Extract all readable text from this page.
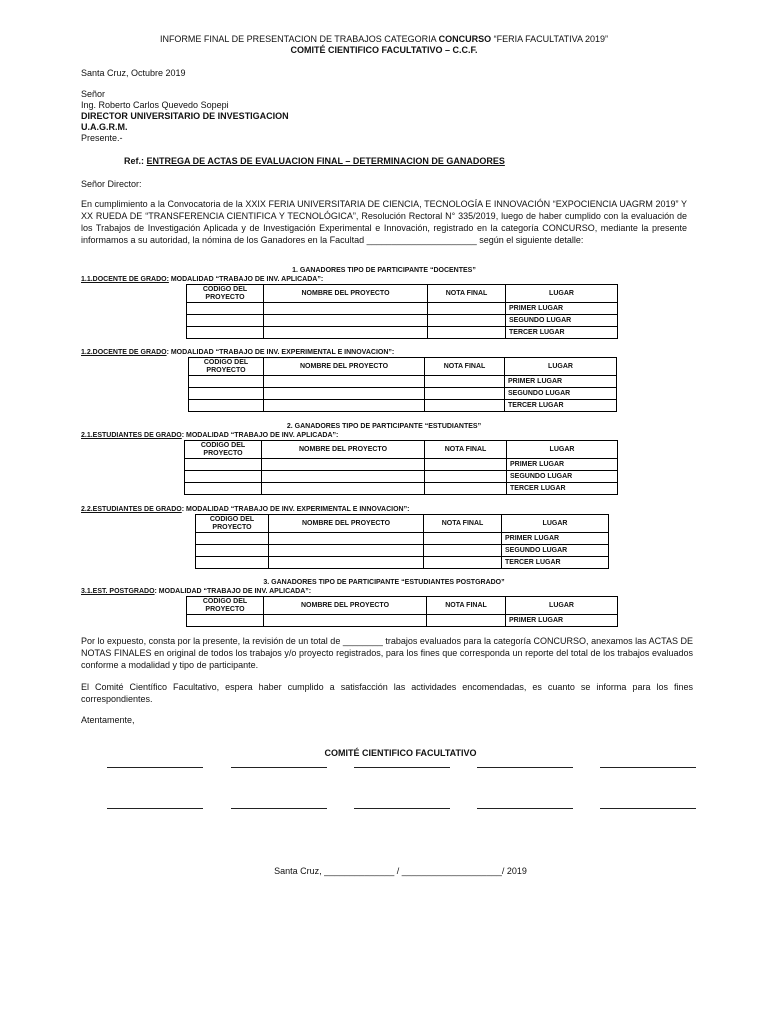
INFORME FINAL DE PRESENTACION DE TRABAJOS CATEGORIA CONCURSO “FERIA FACULTATIVA 2019”
COMITÉ CIENTIFICO FACULTATIVO – C.C.F.
Santa Cruz, Octubre 2019
Señor
Ing. Roberto Carlos Quevedo Sopepi
DIRECTOR UNIVERSITARIO DE INVESTIGACION
U.A.G.R.M.
Presente.-
Ref.: ENTREGA DE ACTAS DE EVALUACION FINAL – DETERMINACION DE GANADORES
Señor Director:
En cumplimiento a la Convocatoria de la XXIX FERIA UNIVERSITARIA DE CIENCIA, TECNOLOGÍA E INNOVACIÓN “EXPOCIENCIA UAGRM 2019” Y XX RUEDA DE “TRANSFERENCIA CIENTIFICA Y TECNOLÓGICA”, Resolución Rectoral N° 335/2019, luego de haber cumplido con la evaluación de los Trabajos de Investigación Aplicada y de Investigación Experimental e Innovación, registrado en la categoría CONCURSO, mediante la presente informamos a su autoridad, la nómina de los Ganadores en la Facultad ______________________ según el siguiente detalle:
1. GANADORES TIPO DE PARTICIPANTE “DOCENTES”
1.1.DOCENTE DE GRADO: MODALIDAD “TRABAJO DE INV. APLICADA”:
CODIGO DEL PROYECTO	NOMBRE DEL PROYECTO	NOTA FINAL	LUGAR
			PRIMER LUGAR
			SEGUNDO LUGAR
			TERCER LUGAR
1.2.DOCENTE DE GRADO: MODALIDAD “TRABAJO DE INV. EXPERIMENTAL E INNOVACION”:
CODIGO DEL PROYECTO	NOMBRE DEL PROYECTO	NOTA FINAL	LUGAR
			PRIMER LUGAR
			SEGUNDO LUGAR
			TERCER LUGAR
2. GANADORES TIPO DE PARTICIPANTE “ESTUDIANTES”
2.1.ESTUDIANTES DE GRADO: MODALIDAD “TRABAJO DE INV. APLICADA”:
CODIGO DEL PROYECTO	NOMBRE DEL PROYECTO	NOTA FINAL	LUGAR
			PRIMER LUGAR
			SEGUNDO LUGAR
			TERCER LUGAR
2.2.ESTUDIANTES DE GRADO: MODALIDAD “TRABAJO DE INV. EXPERIMENTAL E INNOVACION”:
CODIGO DEL PROYECTO	NOMBRE DEL PROYECTO	NOTA FINAL	LUGAR
			PRIMER LUGAR
			SEGUNDO LUGAR
			TERCER LUGAR
3. GANADORES TIPO DE PARTICIPANTE “ESTUDIANTES POSTGRADO”
3.1.EST. POSTGRADO: MODALIDAD “TRABAJO DE INV. APLICADA”:
CODIGO DEL PROYECTO	NOMBRE DEL PROYECTO	NOTA FINAL	LUGAR
			PRIMER LUGAR
Por lo expuesto, consta por la presente, la revisión de un total de ________ trabajos evaluados para la categoría CONCURSO, anexamos las ACTAS DE NOTAS FINALES en original de todos los trabajos y/o proyecto registrados, para los fines que corresponda un reporte del total de los trabajos evaluados conforme a modalidad y tipo de participante.
El Comité Científico Facultativo, espera haber cumplido a satisfacción las actividades encomendadas, es cuanto se informa para los fines correspondientes.
Atentamente,
COMITÉ CIENTIFICO FACULTATIVO
Santa Cruz, ______________ / ____________________/ 2019
